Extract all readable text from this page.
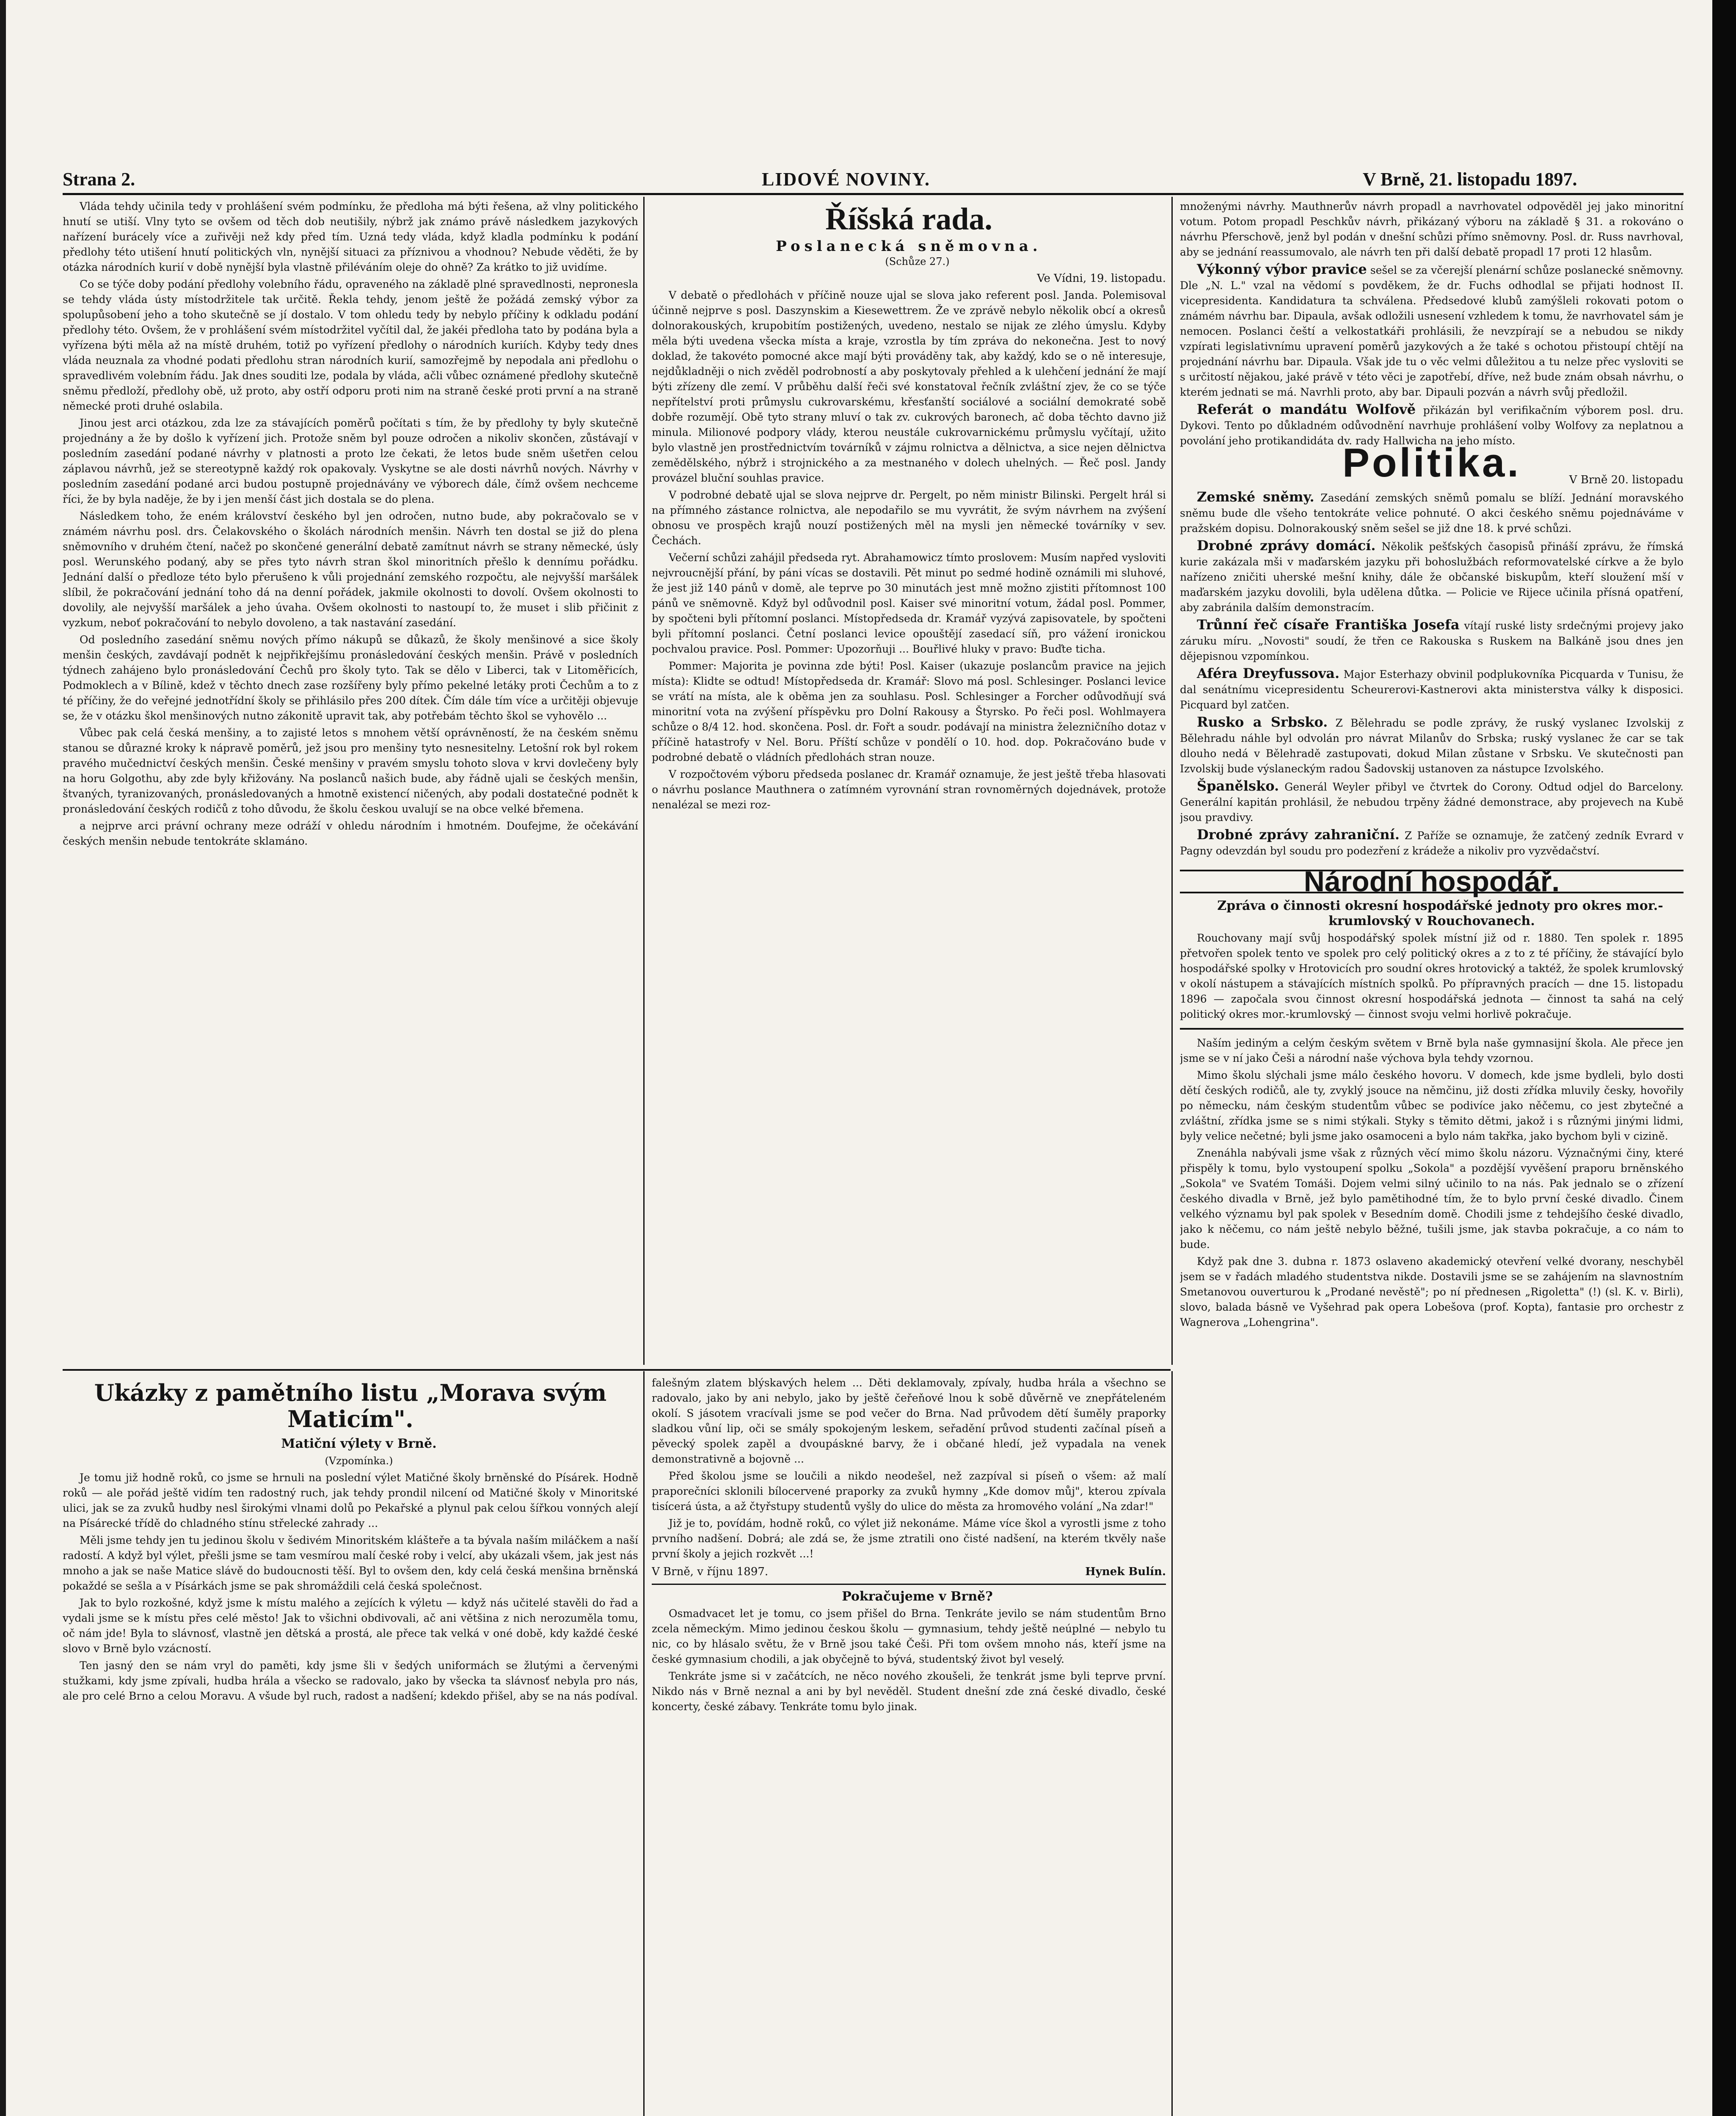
Strana 2.	LIDOVÉ NOVINY.	V Brně, 21. listopadu 1897.

Vláda tehdy učinila tedy v prohlášení svém podmínku, že předloha má býti řešena, až vlny politického hnutí se utiší. Vlny tyto se ovšem od těch dob neutišily, nýbrž jak známo právě následkem jazykových nařízení burácely více a zuřivěji než kdy před tím. Uzná tedy vláda, když kladla podmínku k podání předlohy této utišení hnutí politických vln, nynější situaci za příznivou a vhodnou? Nebude věděti, že by otázka národních kurií v době nynější byla vlastně přiléváním oleje do ohně? Za krátko to již uvidíme.

Co se týče doby podání předlohy volebního řádu, opraveného na základě plné spravedlnosti, nepronesla se tehdy vláda ústy místodržitele tak určitě. Řekla tehdy, jenom ještě že požádá zemský výbor za spolupůsobení jeho a toho skutečně se jí dostalo. V tom ohledu tedy by nebylo příčiny k odkladu podání předlohy této. Ovšem, že v prohlášení svém místodržitel vyčítil dal, že jakéi předloha tato by podána byla a vyřízena býti měla až na místě druhém, totiž po vyřízení předlohy o národních kuriích. Kdyby tedy dnes vláda neuznala za vhodné podati předlohu stran národních kurií, samozřejmě by nepodala ani předlohu o spravedlivém volebním řádu. Jak dnes souditi lze, podala by vláda, ačli vůbec oznámené předlohy skutečně sněmu předloží, předlohy obě, už proto, aby ostří odporu proti nim na straně české proti první a na straně německé proti druhé oslabila.

Jinou jest arci otázkou, zda lze za stávajících poměrů počítati s tím, že by předlohy ty byly skutečně projednány a že by došlo k vyřízení jich. Protože sněm byl pouze odročen a nikoliv skončen, zůstávají v posledním zasedání podané návrhy v platnosti a proto lze čekati, že letos bude sněm ušetřen celou záplavou návrhů, jež se stereotypně každý rok opakovaly. Vyskytne se ale dosti návrhů nových. Návrhy v posledním zasedání podané arci budou postupně projednávány ve výborech dále, čímž ovšem nechceme říci, že by byla naděje, že by i jen menší část jich dostala se do plena.

Následkem toho, že eném království českého byl jen odročen, nutno bude, aby pokračovalo se v známém návrhu posl. drs. Čelakovského o školách národních menšin. Návrh ten dostal se již do plena sněmovního v druhém čtení, načež po skončené generální debatě zamítnut návrh se strany německé, úsly posl. Werunského podaný, aby se přes tyto návrh stran škol minoritních přešlo k dennímu pořádku. Jednání další o předloze této bylo přerušeno k vůli projednání zemského rozpočtu, ale nejvyšší maršálek slíbil, že pokračování jednání toho dá na denní pořádek, jakmile okolnosti to dovolí. Ovšem okolnosti to dovolily, ale nejvyšší maršálek a jeho úvaha. Ovšem okolnosti to nastoupí to, že muset i slib přičinit z vyzkum, neboť pokračování to nebylo dovoleno, a tak nastavání zasedání.

Od posledního zasedání sněmu nových přímo nákupů se důkazů, že školy menšinové a sice školy menšin českých, zavdávají podnět k nejpřikřejšímu pronásledování českých menšin. Právě v posledních týdnech zahájeno bylo pronásledování Čechů pro školy tyto. Tak se dělo v Liberci, tak v Litoměřicích, Podmoklech a v Bílině, kdež v těchto dnech zase rozšířeny byly přímo pekelné letáky proti Čechům a to z té příčiny, že do veřejné jednotřídní školy se přihlásilo přes 200 dítek. Čím dále tím více a určitěji objevuje se, že v otázku škol menšinových nutno zákonitě upravit tak, aby potřebám těchto škol se vyhovělo ...

Vůbec pak celá česká menšiny, a to zajisté letos s mnohem větší oprávněností, že na českém sněmu stanou se důrazné kroky k nápravě poměrů, jež jsou pro menšiny tyto nesnesitelny. Letošní rok byl rokem pravého mučednictví českých menšin. České menšiny v pravém smyslu tohoto slova v krvi dovlečeny byly na horu Golgothu, aby zde byly křižovány. Na poslanců našich bude, aby řádně ujali se českých menšin, štvaných, tyranizovaných, pronásledovaných a hmotně existencí ničených, aby podali dostatečné podnět k pronásledování českých rodičů z toho důvodu, že školu českou uvalují se na obce velké břemena.

a nejprve arci právní ochrany meze odráží v ohledu národním i hmotném. Doufejme, že očekávání českých menšin nebude tentokráte sklamáno.

Říšská rada.
Poslanecká sněmovna.

(Schůze 27.)

Ve Vídni, 19. listopadu.

V debatě o předlohách v příčině nouze ujal se slova jako referent posl. Janda. Polemisoval účinně nejprve s posl. Daszynskim a Kiesewettrem. Že ve zprávě nebylo několik obcí a okresů dolnorakouských, krupobitím postižených, uvedeno, nestalo se nijak ze zlého úmyslu. Kdyby měla býti uvedena všecka místa a kraje, vzrostla by tím zpráva do nekonečna. Jest to nový doklad, že takovéto pomocné akce mají býti prováděny tak, aby každý, kdo se o ně interesuje, nejdůkladněji o nich zvěděl podrobností a aby poskytovaly přehled a k ulehčení jednání že mají býti zřízeny dle zemí. V průběhu další řeči své konstatoval řečník zvláštní zjev, že co se týče nepřítelství proti průmyslu cukrovarskému, křesťanští sociálové a sociální demokraté sobě dobře rozumějí. Obě tyto strany mluví o tak zv. cukrových baronech, ač doba těchto davno již minula. Milionové podpory vlády, kterou neustále cukrovarnickému průmyslu vyčítají, užito bylo vlastně jen prostřednictvím továrníků v zájmu rolnictva a dělnictva, a sice nejen dělnictva zemědělského, nýbrž i strojnického a za mestnaného v dolech uhelných. — Řeč posl. Jandy provázel bluční souhlas pravice.

V podrobné debatě ujal se slova nejprve dr. Pergelt, po něm ministr Bilinski. Pergelt hrál si na přímného zástance rolnictva, ale nepodařilo se mu vyvrátit, že svým návrhem na zvýšení obnosu ve prospěch krajů nouzí postižených měl na mysli jen německé továrníky v sev. Čechách.

Večerní schůzi zahájil předseda ryt. Abrahamowicz tímto proslovem: Musím napřed vysloviti nejvroucnější přání, by páni vícas se dostavili. Pět minut po sedmé hodině oznámili mi sluhové, že jest již 140 pánů v domě, ale teprve po 30 minutách jest mně možno zjistiti přítomnost 100 pánů ve sněmovně. Když byl odůvodnil posl. Kaiser své minoritní votum, žádal posl. Pommer, by spočteni byli přítomní poslanci. Místopředseda dr. Kramář vyzývá zapisovatele, by spočteni byli přítomní poslanci. Četní poslanci levice opouštějí zasedací síň, pro vážení ironickou pochvalou pravice. Posl. Pommer: Upozorňuji ... Bouřlivé hluky v pravo: Buďte ticha.

Pommer: Majorita je povinna zde býti! Posl. Kaiser (ukazuje poslancům pravice na jejich místa): Klidte se odtud! Místopředseda dr. Kramář: Slovo má posl. Schlesinger. Poslanci levice se vrátí na místa, ale k oběma jen za souhlasu. Posl. Schlesinger a Forcher odůvodňují svá minoritní vota na zvýšení příspěvku pro Dolní Rakousy a Štyrsko. Po řeči posl. Wohlmayera schůze o 8/4 12. hod. skončena. Posl. dr. Fořt a soudr. podávají na ministra železničního dotaz v příčině hatastrofy v Nel. Boru. Příští schůze v pondělí o 10. hod. dop. Pokračováno bude v podrobné debatě o vládních předlohách stran nouze.

V rozpočtovém výboru předseda poslanec dr. Kramář oznamuje, že jest ještě třeba hlasovati o návrhu poslance Mauthnera o zatímném vyrovnání stran rovnoměrných dojednávek, protože nenalézal se mezi roz-

množenými návrhy. Mauthnerův návrh propadl a navrhovatel odpověděl jej jako minoritní votum. Potom propadl Peschkův návrh, přikázaný výboru na základě § 31. a rokováno o návrhu Pferschově, jenž byl podán v dnešní schůzi přímo sněmovny. Posl. dr. Russ navrhoval, aby se jednání reassumovalo, ale návrh ten při další debatě propadl 17 proti 12 hlasům.

Výkonný výbor pravice sešel se za včerejší plenární schůze poslanecké sněmovny. Dle „N. L." vzal na vědomí s povděkem, že dr. Fuchs odhodlal se přijati hodnost II. vicepresidenta. Kandidatura ta schválena. Předsedové klubů zamýšleli rokovati potom o známém návrhu bar. Dipaula, avšak odložili usnesení vzhledem k tomu, že navrhovatel sám je nemocen. Poslanci čeští a velkostatkáři prohlásili, že nevzpírají se a nebudou se nikdy vzpírati legislativnímu upravení poměrů jazykových a že také s ochotou přistoupí chtějí na projednání návrhu bar. Dipaula. Však jde tu o věc velmi důležitou a tu nelze přec vysloviti se s určitostí nějakou, jaké právě v této věci je zapotřebí, dříve, než bude znám obsah návrhu, o kterém jednati se má. Navrhli proto, aby bar. Dipauli pozván a návrh svůj předložil.

Referát o mandátu Wolfově přikázán byl verifikačním výborem posl. dru. Dykovi. Tento po důkladném odůvodnění navrhuje prohlášení volby Wolfovy za neplatnou a povolání jeho protikandidáta dv. rady Hallwicha na jeho místo.

Politika.	V Brně 20. listopadu

Zemské sněmy. Zasedání zemských sněmů pomalu se blíží. Jednání moravského sněmu bude dle všeho tentokráte velice pohnuté. O akci českého sněmu pojednáváme v pražském dopisu. Dolnorakouský sněm sešel se již dne 18. k prvé schůzi.

Drobné zprávy domácí. Několik pešťských časopisů přináší zprávu, že římská kurie zakázala mši v maďarském jazyku při bohoslužbách reformovatelské církve a že bylo nařízeno zničiti uherské mešní knihy, dále že občanské biskupům, kteří sloužení mší v maďarském jazyku dovolili, byla udělena důtka. — Policie ve Rijece učinila přísná opatření, aby zabránila dalším demonstracím.

Trůnní řeč císaře Františka Josefa vítají ruské listy srdečnými projevy jako záruku míru. „Novosti" soudí, že třen ce Rakouska s Ruskem na Balkáně jsou dnes jen dějepisnou vzpomínkou.

Aféra Dreyfussova. Major Esterhazy obvinil podplukovníka Picquarda v Tunisu, že dal senátnímu vicepresidentu Scheurerovi-Kastnerovi akta ministerstva války k disposici. Picquard byl zatčen.

Rusko a Srbsko. Z Bělehradu se podle zprávy, že ruský vyslanec Izvolskij z Bělehradu náhle byl odvolán pro návrat Milanův do Srbska; ruský vyslanec že car se tak dlouho nedá v Bělehradě zastupovati, dokud Milan zůstane v Srbsku. Ve skutečnosti pan Izvolskij bude výslaneckým radou Šadovskij ustanoven za nástupce Izvolského.

Španělsko. Generál Weyler přibyl ve čtvrtek do Corony. Odtud odjel do Barcelony. Generální kapitán prohlásil, že nebudou trpěny žádné demonstrace, aby projevech na Kubě jsou pravdivy.

Drobné zprávy zahraniční. Z Paříže se oznamuje, že zatčený zedník Evrard v Pagny odevzdán byl soudu pro podezření z krádeže a nikoliv pro vyzvědačství.

Národní hospodář.

Zpráva o činnosti okresní hospodářské jednoty pro okres mor.-krumlovský v Rouchovanech.

Rouchovany mají svůj hospodářský spolek místní již od r. 1880. Ten spolek r. 1895 přetvořen spolek tento ve spolek pro celý politický okres a z to z té příčiny, že stávající bylo hospodářské spolky v Hrotovicích pro soudní okres hrotovický a taktéž, že spolek krumlovský v okolí nástupem a stávajících místních spolků. Po přípravných pracích — dne 15. listopadu 1896 — započala svou činnost okresní hospodářská jednota — činnost ta sahá na celý politický okres mor.-krumlovský — činnost svoju velmi horlivě pokračuje.

Naším jediným a celým českým světem v Brně byla naše gymnasijní škola. Ale přece jen jsme se v ní jako Češi a národní naše výchova byla tehdy vzornou.

Mimo školu slýchali jsme málo českého hovoru. V domech, kde jsme bydleli, bylo dosti dětí českých rodičů, ale ty, zvyklý jsouce na němčinu, již dosti zřídka mluvily česky, hovořily po německu, nám českým studentům vůbec se podivíce jako něčemu, co jest zbytečné a zvláštní, zřídka jsme se s nimi stýkali. Styky s těmito dětmi, jakož i s různými jinými lidmi, byly velice nečetné; byli jsme jako osamoceni a bylo nám takřka, jako bychom byli v cizině.

Znenáhla nabývali jsme však z různých věcí mimo školu názoru. Význačnými činy, které přispěly k tomu, bylo vystoupení spolku „Sokola" a pozdější vyvěšení praporu brněnského „Sokola" ve Svatém Tomáši. Dojem velmi silný učinilo to na nás. Pak jednalo se o zřízení českého divadla v Brně, jež bylo pamětihodné tím, že to bylo první české divadlo. Činem velkého významu byl pak spolek v Besedním domě. Chodili jsme z tehdejšího české divadlo, jako k něčemu, co nám ještě nebylo běžné, tušili jsme, jak stavba pokračuje, a co nám to bude.

Když pak dne 3. dubna r. 1873 oslaveno akademický otevření velké dvorany, neschyběl jsem se v řadách mladého studentstva nikde. Dostavili jsme se se zahájením na slavnostním Smetanovou ouverturou k „Prodané nevěstě"; po ní přednesen „Rigoletta" (!) (sl. K. v. Birli), slovo, balada básně ve Vyšehrad pak opera Lobešova (prof. Kopta), fantasie pro orchestr z Wagnerova „Lohengrina".

Ukázky z pamětního listu „Morava svým Maticím".

Matiční výlety v Brně.

(Vzpomínka.)

Je tomu již hodně roků, co jsme se hrnuli na poslední výlet Matičné školy brněnské do Písárek. Hodně roků — ale pořád ještě vidím ten radostný ruch, jak tehdy prondil nilcení od Matičné školy v Minoritské ulici, jak se za zvuků hudby nesl širokými vlnami dolů po Pekařské a plynul pak celou šířkou vonných alejí na Písárecké třídě do chladného stínu střelecké zahrady ...

Měli jsme tehdy jen tu jedinou školu v šedivém Minoritském klášteře a ta bývala naším miláčkem a naší radostí. A když byl výlet, přešli jsme se tam vesmírou malí české roby i velcí, aby ukázali všem, jak jest nás mnoho a jak se naše Matice slávě do budoucnosti těší. Byl to ovšem den, kdy celá česká menšina brněnská pokaždé se sešla a v Písárkách jsme se pak shromáždili celá česká společnost.

Jak to bylo rozkošné, když jsme k místu malého a zejících k výletu — když nás učitelé stavěli do řad a vydali jsme se k místu přes celé město! Jak to všichni obdivovali, ač ani většina z nich nerozuměla tomu, oč nám jde! Byla to slávnosť, vlastně jen dětská a prostá, ale přece tak velká v oné době, kdy každé české slovo v Brně bylo vzácností.

Ten jasný den se nám vryl do paměti, kdy jsme šli v šedých uniformách se žlutými a červenými stužkami, kdy jsme zpívali, hudba hrála a všecko se radovalo, jako by všecka ta slávnosť nebyla pro nás, ale pro celé Brno a celou Moravu. A všude byl ruch, radost a nadšení; kdekdo přišel, aby se na nás podíval.

falešným zlatem blýskavých helem ... Děti deklamovaly, zpívaly, hudba hrála a všechno se radovalo, jako by ani nebylo, jako by ještě čeřeňové lnou k sobě důvěrně ve znepřáteleném okolí. S jásotem vracívali jsme se pod večer do Brna. Nad průvodem dětí šuměly praporky sladkou vůní lip, oči se smály spokojeným leskem, seřadění průvod studenti začínal píseň a pěvecký spolek zapěl a dvoupáskné barvy, že i občané hledí, jež vypadala na venek demonstrativně a bojovně ...

Před školou jsme se loučili a nikdo neodešel, než zazpíval si píseň o všem: až malí praporečníci sklonili bílocervené praporky za zvuků hymny „Kde domov můj", kterou zpívala tisícerá ústa, a až čtyřstupy studentů vyšly do ulice do města za hromového volání „Na zdar!"

Již je to, povídám, hodně roků, co výlet již nekonáme. Máme více škol a vyrostli jsme z toho prvního nadšení. Dobrá; ale zdá se, že jsme ztratili ono čisté nadšení, na kterém tkvěly naše první školy a jejich rozkvět ...!

V Brně, v říjnu 1897.	Hynek Bulín.

Pokračujeme v Brně?

Osmadvacet let je tomu, co jsem přišel do Brna. Tenkráte jevilo se nám studentům Brno zcela německým. Mimo jedinou českou školu — gymnasium, tehdy ještě neúplné — nebylo tu nic, co by hlásalo světu, že v Brně jsou také Češi. Při tom ovšem mnoho nás, kteří jsme na české gymnasium chodili, a jak obyčejně to bývá, studentský život byl veselý.

Tenkráte jsme si v začátcích, ne něco nového zkoušeli, že tenkrát jsme byli teprve první. Nikdo nás v Brně neznal a ani by byl nevěděl. Student dnešní zde zná české divadlo, české koncerty, české zábavy. Tenkráte tomu bylo jinak.
